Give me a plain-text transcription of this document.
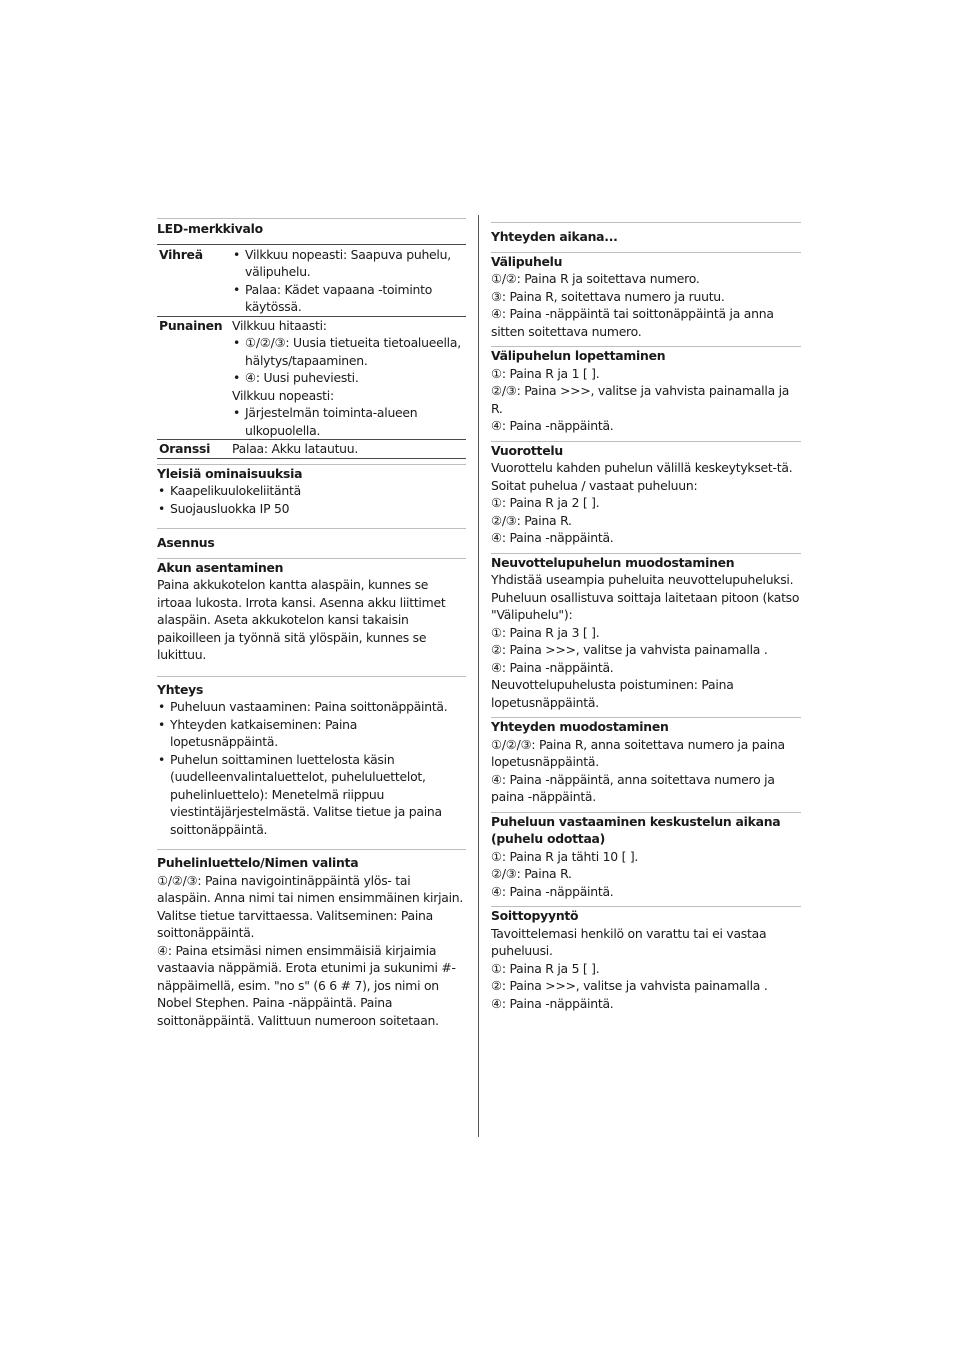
LED-merkkivalo
Vihreä
•	Vilkkuu nopeasti: Saapuva puhelu, välipuhelu.
• Palaa: Kädet vapaana -toiminto käytössä.
Punainen Vilkkuu hitaasti:
• ①/②/③: Uusia tietueita tietoalueella, hälytys/tapaaminen.
• ④: Uusi puheviesti.
Vilkkuu nopeasti:
• Järjestelmän toiminta-alueen ulkopuolella.
Oranssi	Palaa: Akku latautuu.
Yleisiä ominaisuuksia
• Kaapelikuulokeliitäntä
• Suojausluokka IP 50
Asennus
Akun asentaminen

Paina akkukotelon kantta alaspäin, kunnes se irtoaa lukosta. Irrota kansi. Asenna akku liittimet alaspäin. Aseta akkukotelon kansi takaisin paikoilleen ja työnnä sitä ylöspäin, kunnes se lukittuu.

Yhteys
• Puheluun vastaaminen: Paina soittonäppäintä.
• Yhteyden katkaiseminen: Paina lopetusnäppäintä.
• Puhelun soittaminen luettelosta käsin (uudelleenvalintaluettelot, puheluluettelot, puhelinluettelo): Menetelmä riippuu viestintäjärjestelmästä. Valitse tietue ja paina soittonäppäintä.
Puhelinluettelo/Nimen valinta

①/②/③: Paina navigointinäppäintä ylös- tai alaspäin. Anna nimi tai nimen ensimmäinen kirjain. Valitse tietue tarvittaessa. Valitseminen: Paina soittonäppäintä.

④: Paina etsimäsi nimen ensimmäisiä kirjaimia vastaavia näppämiä. Erota etunimi ja sukunimi #-näppäimellä, esim. "no s" (6 6 # 7), jos nimi on Nobel Stephen. Paina -näppäintä. Paina soittonäppäintä. Valittuun numeroon soitetaan.

Yhteyden aikana...
Välipuhelu
①/②: Paina R ja soitettava numero.
③: Paina R, soitettava numero ja ruutu.
④: Paina -näppäintä tai soittonäppäintä ja anna sitten soitettava numero.
Välipuhelun lopettaminen
①: Paina R ja 1 [ ].
②/③: Paina >>>, valitse ja vahvista painamalla ja R.
④: Paina -näppäintä.
Vuorottelu
Vuorottelu kahden puhelun välillä keskeytykset-tä. Soitat puhelua / vastaat puheluun:
①: Paina R ja 2 [ ].
②/③: Paina R.
④: Paina -näppäintä.
Neuvottelupuhelun muodostaminen
Yhdistää useampia puheluita neuvottelupuheluksi. Puheluun osallistuva soittaja laitetaan pitoon (katso "Välipuhelu"):
①: Paina R ja 3 [ ].
②: Paina >>>, valitse ja vahvista painamalla .
④: Paina -näppäintä.
Neuvottelupuhelusta poistuminen: Paina lopetusnäppäintä.
Yhteyden muodostaminen
①/②/③: Paina R, anna soitettava numero ja paina lopetusnäppäintä.
④: Paina -näppäintä, anna soitettava numero ja paina -näppäintä.
Puheluun vastaaminen keskustelun aikana (puhelu odottaa)
①: Paina R ja tähti 10 [ ].
②/③: Paina R.
④: Paina -näppäintä.
Soittopyyntö
Tavoittelemasi henkilö on varattu tai ei vastaa puheluusi.
①: Paina R ja 5 [ ].
②: Paina >>>, valitse ja vahvista painamalla .
④: Paina -näppäintä.
